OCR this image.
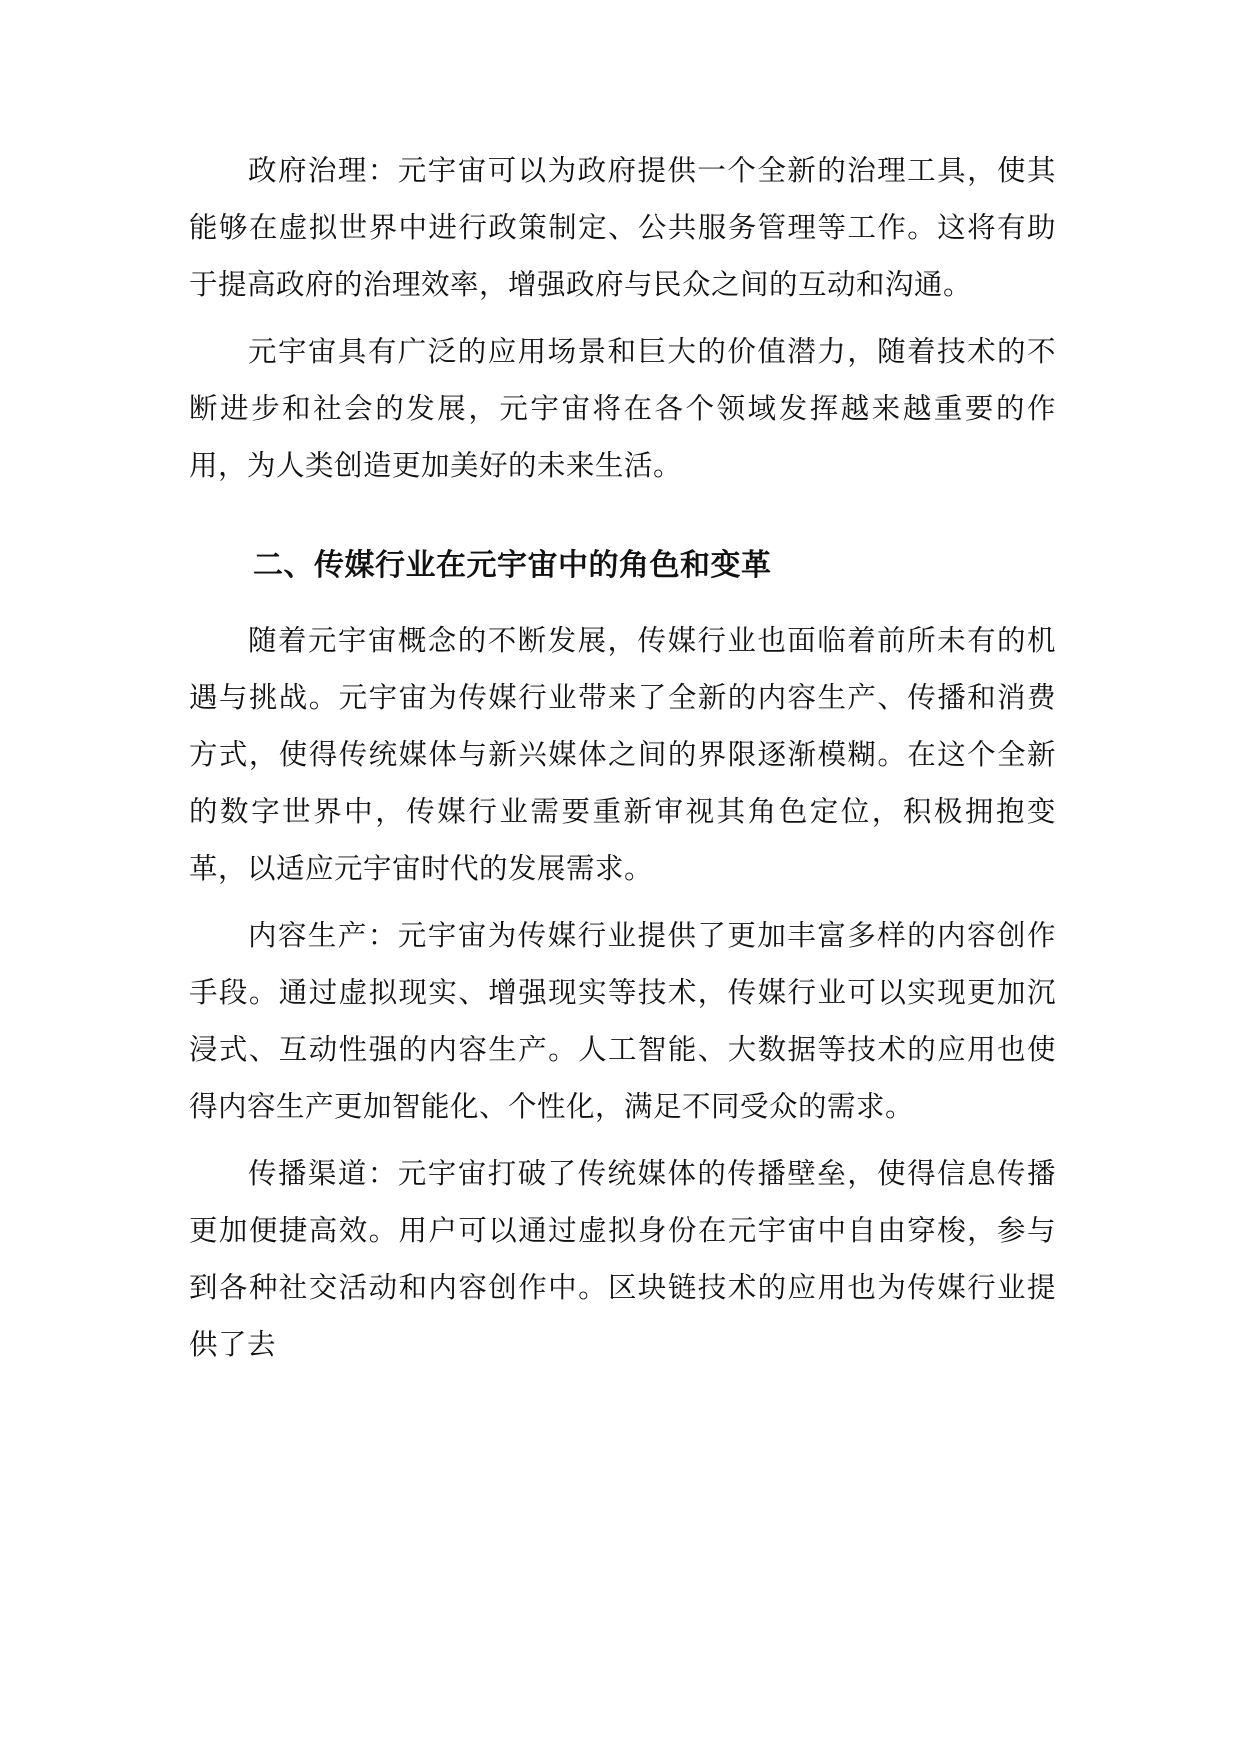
政府治理：元宇宙可以为政府提供一个全新的治理工具，使其能够在虚拟世界中进行政策制定、公共服务管理等工作。这将有助于提高政府的治理效率，增强政府与民众之间的互动和沟通。

元宇宙具有广泛的应用场景和巨大的价值潜力，随着技术的不断进步和社会的发展，元宇宙将在各个领域发挥越来越重要的作用，为人类创造更加美好的未来生活。

二、传媒行业在元宇宙中的角色和变革

随着元宇宙概念的不断发展，传媒行业也面临着前所未有的机遇与挑战。元宇宙为传媒行业带来了全新的内容生产、传播和消费方式，使得传统媒体与新兴媒体之间的界限逐渐模糊。在这个全新的数字世界中，传媒行业需要重新审视其角色定位，积极拥抱变革，以适应元宇宙时代的发展需求。

内容生产：元宇宙为传媒行业提供了更加丰富多样的内容创作手段。通过虚拟现实、增强现实等技术，传媒行业可以实现更加沉浸式、互动性强的内容生产。人工智能、大数据等技术的应用也使得内容生产更加智能化、个性化，满足不同受众的需求。

传播渠道：元宇宙打破了传统媒体的传播壁垒，使得信息传播更加便捷高效。用户可以通过虚拟身份在元宇宙中自由穿梭，参与到各种社交活动和内容创作中。区块链技术的应用也为传媒行业提供了去
